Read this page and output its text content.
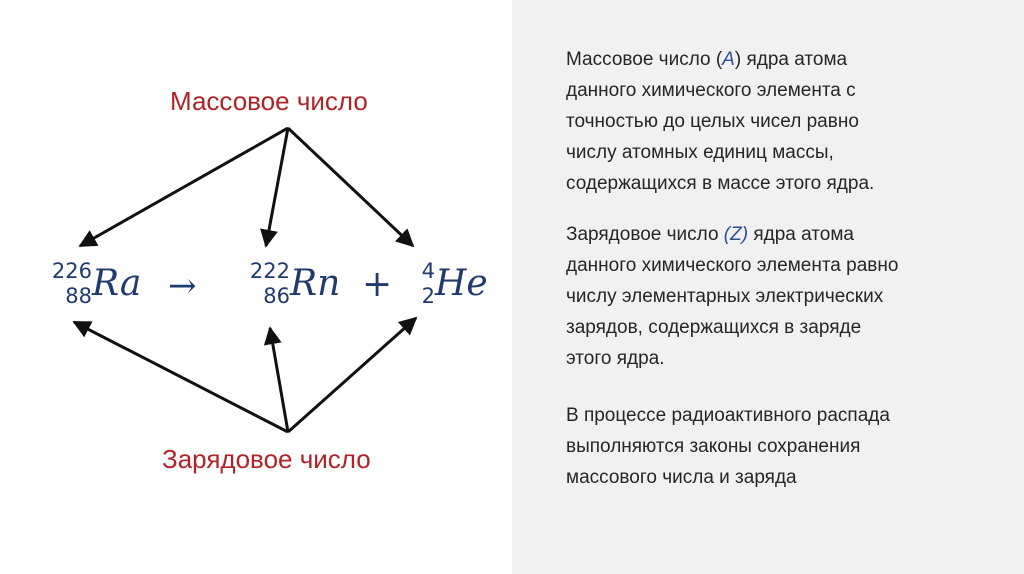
Массовое число
Зарядовое число
226
88 Ra →	222
86 Rn + 4
2 He
Массовое число (A) ядра атома
данного химического элемента с
точностью до целых чисел равно
числу атомных единиц массы,
содержащихся в массе этого ядра.
Зарядовое число (Z) ядра атома
данного химического элемента равно
числу элементарных электрических
зарядов, содержащихся в заряде
этого ядра.
В процессе радиоактивного распада
выполняются законы сохранения
массового числа и заряда
